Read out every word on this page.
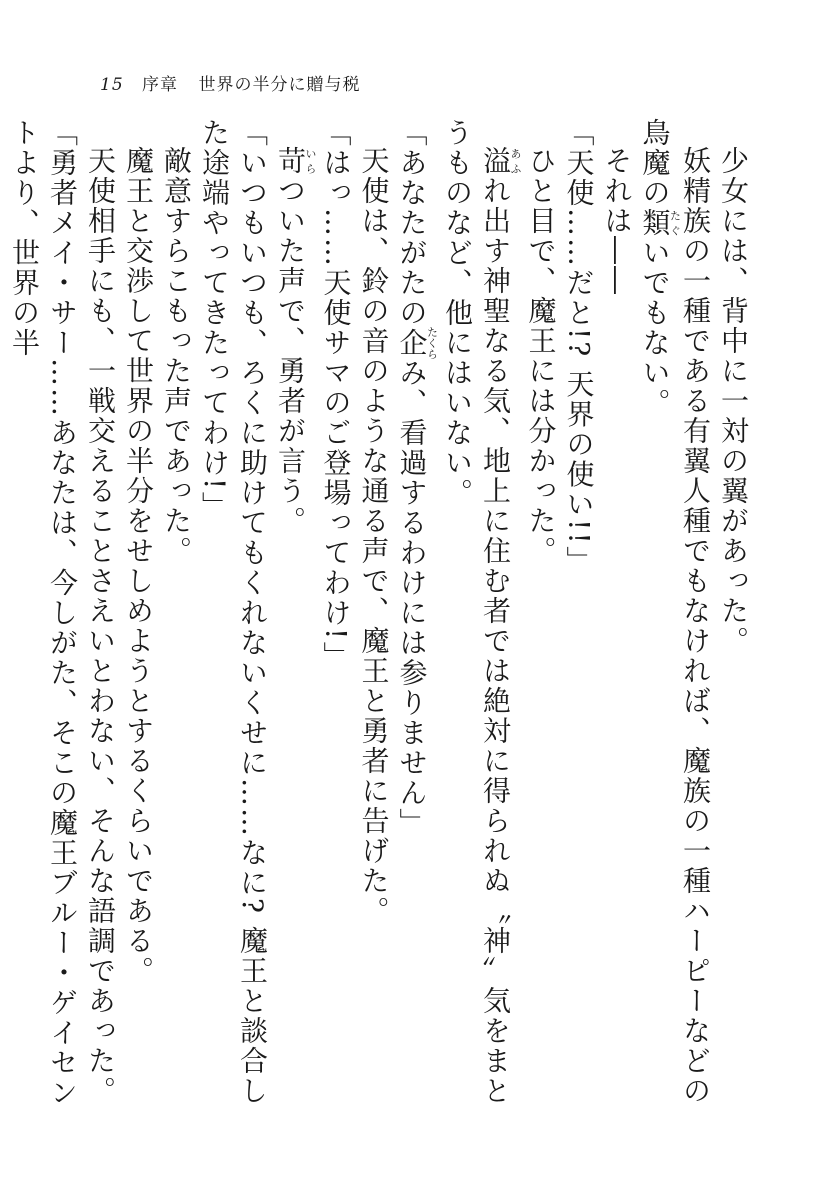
15 序章 世界の半分に贈与税
少女には、背中に一対の翼があった。
妖精族の一種である有翼人種でもなければ、魔族の一種ハーピーなどの鳥魔の類たぐいでもない。
それは――
「天使……だと!? 天界の使い!!」
ひと目で、魔王には分かった。
溢あふれ出す神聖なる気、地上に住む者では絶対に得られぬ〝神〟気をまとうものなど、他にはいない。
「あなたがたの企たくらみ、看過するわけには参りません」
天使は、鈴の音のような通る声で、魔王と勇者に告げた。
「はっ……天使サマのご登場ってわけ!」
苛いらついた声で、勇者が言う。
「いつもいつも、ろくに助けてもくれないくせに……なに? 魔王と談合した途端やってきたってわけ!」
敵意すらこもった声であった。
魔王と交渉して世界の半分をせしめようとするくらいである。
天使相手にも、一戦交えることさえいとわない、そんな語調であった。
「勇者メイ・サー……あなたは、今しがた、そこの魔王ブルー・ゲイセントより、世界の半
